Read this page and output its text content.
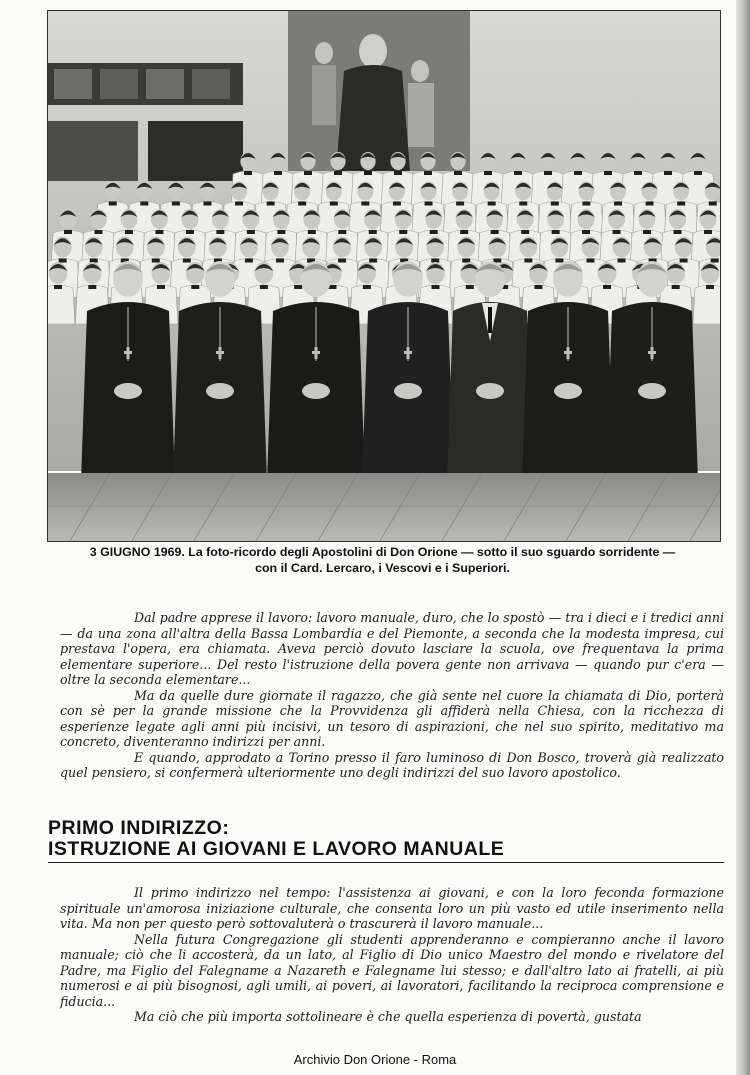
3 GIUGNO 1969. La foto-ricordo degli Apostolini di Don Orione — sotto il suo sguardo sorridente —
con il Card. Lercaro, i Vescovi e i Superiori.

Dal padre apprese il lavoro: lavoro manuale, duro, che lo spostò — tra i dieci e i tredici anni — da una zona all'altra della Bassa Lombardia e del Piemonte, a seconda che la modesta impresa, cui prestava l'opera, era chiamata. Aveva perciò dovuto lasciare la scuola, ove frequentava la prima elementare superiore... Del resto l'istruzione della povera gente non arrivava — quando pur c'era — oltre la seconda elementare...

Ma da quelle dure giornate il ragazzo, che già sente nel cuore la chiamata di Dio, porterà con sè per la grande missione che la Provvidenza gli affiderà nella Chiesa, con la ricchezza di esperienze legate agli anni più incisivi, un tesoro di aspirazioni, che nel suo spirito, meditativo ma concreto, diventeranno indirizzi per anni.

E quando, approdato a Torino presso il faro luminoso di Don Bosco, troverà già realizzato quel pensiero, si confermerà ulteriormente uno degli indirizzi del suo lavoro apostolico.

PRIMO INDIRIZZO:
ISTRUZIONE AI GIOVANI E LAVORO MANUALE

Il primo indirizzo nel tempo: l'assistenza ai giovani, e con la loro feconda formazione spirituale un'amorosa iniziazione culturale, che consenta loro un più vasto ed utile inserimento nella vita. Ma non per questo però sottovaluterà o trascurerà il lavoro manuale...

Nella futura Congregazione gli studenti apprenderanno e compieranno anche il lavoro manuale; ciò che li accosterà, da un lato, al Figlio di Dio unico Maestro del mondo e rivelatore del Padre, ma Figlio del Falegname a Nazareth e Falegname lui stesso; e dall'altro lato ai fratelli, ai più numerosi e ai più bisognosi, agli umili, ai poveri, ai lavoratori, facilitando la reciproca comprensione e fiducia...

Ma ciò che più importa sottolineare è che quella esperienza di povertà, gustata

Archivio Don Orione - Roma
